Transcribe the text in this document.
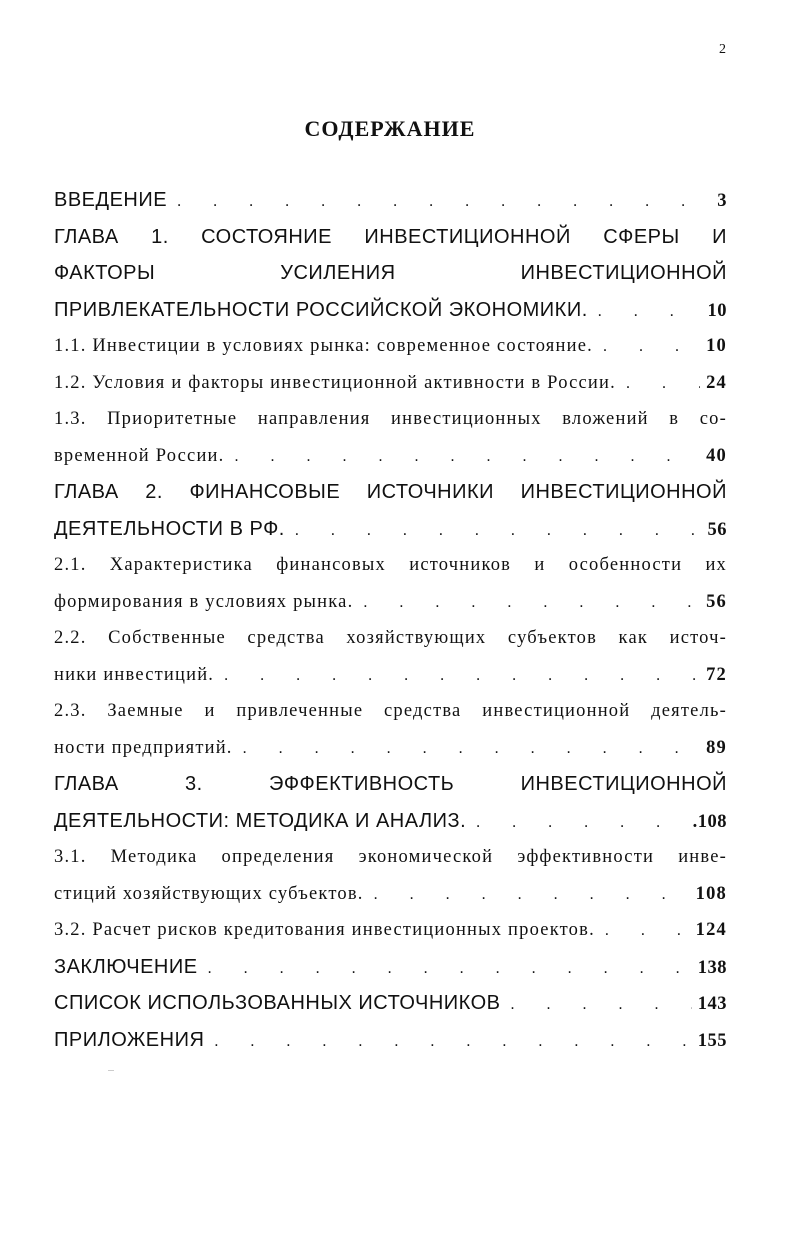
2
СОДЕРЖАНИЕ
ВВЕДЕНИЕ . . .	3
ГЛАВА 1. СОСТОЯНИЕ ИНВЕСТИЦИОННОЙ СФЕРЫ И
ФАКТОРЫ УСИЛЕНИЯ ИНВЕСТИЦИОННОЙ
ПРИВЛЕКАТЕЛЬНОСТИ РОССИЙСКОЙ ЭКОНОМИКИ. . . .	10
1.1. Инвестиции в условиях рынка: современное состояние. . . .	10
1.2. Условия и факторы инвестиционной активности в России. . . .	24
1.3. Приоритетные направления инвестиционных вложений в со-
временной России. . . .	40
ГЛАВА 2. ФИНАНСОВЫЕ ИСТОЧНИКИ ИНВЕСТИЦИОННОЙ
ДЕЯТЕЛЬНОСТИ В РФ. . . .	56
2.1. Характеристика финансовых источников и особенности их
формирования в условиях рынка. . . .	56
2.2. Собственные средства хозяйствующих субъектов как источ-
ники инвестиций. . . .	72
2.3. Заемные и привлеченные средства инвестиционной деятель-
ности предприятий. . . .	89
ГЛАВА 3. ЭФФЕКТИВНОСТЬ ИНВЕСТИЦИОННОЙ
ДЕЯТЕЛЬНОСТИ: МЕТОДИКА И АНАЛИЗ. . . .	.108
3.1. Методика определения экономической эффективности инве-
стиций хозяйствующих субъектов. . . .	108
3.2. Расчет рисков кредитования инвестиционных проектов. . . .	124
ЗАКЛЮЧЕНИЕ . . .	138
СПИСОК ИСПОЛЬЗОВАННЫХ ИСТОЧНИКОВ . . .	143
ПРИЛОЖЕНИЯ . . .	155
